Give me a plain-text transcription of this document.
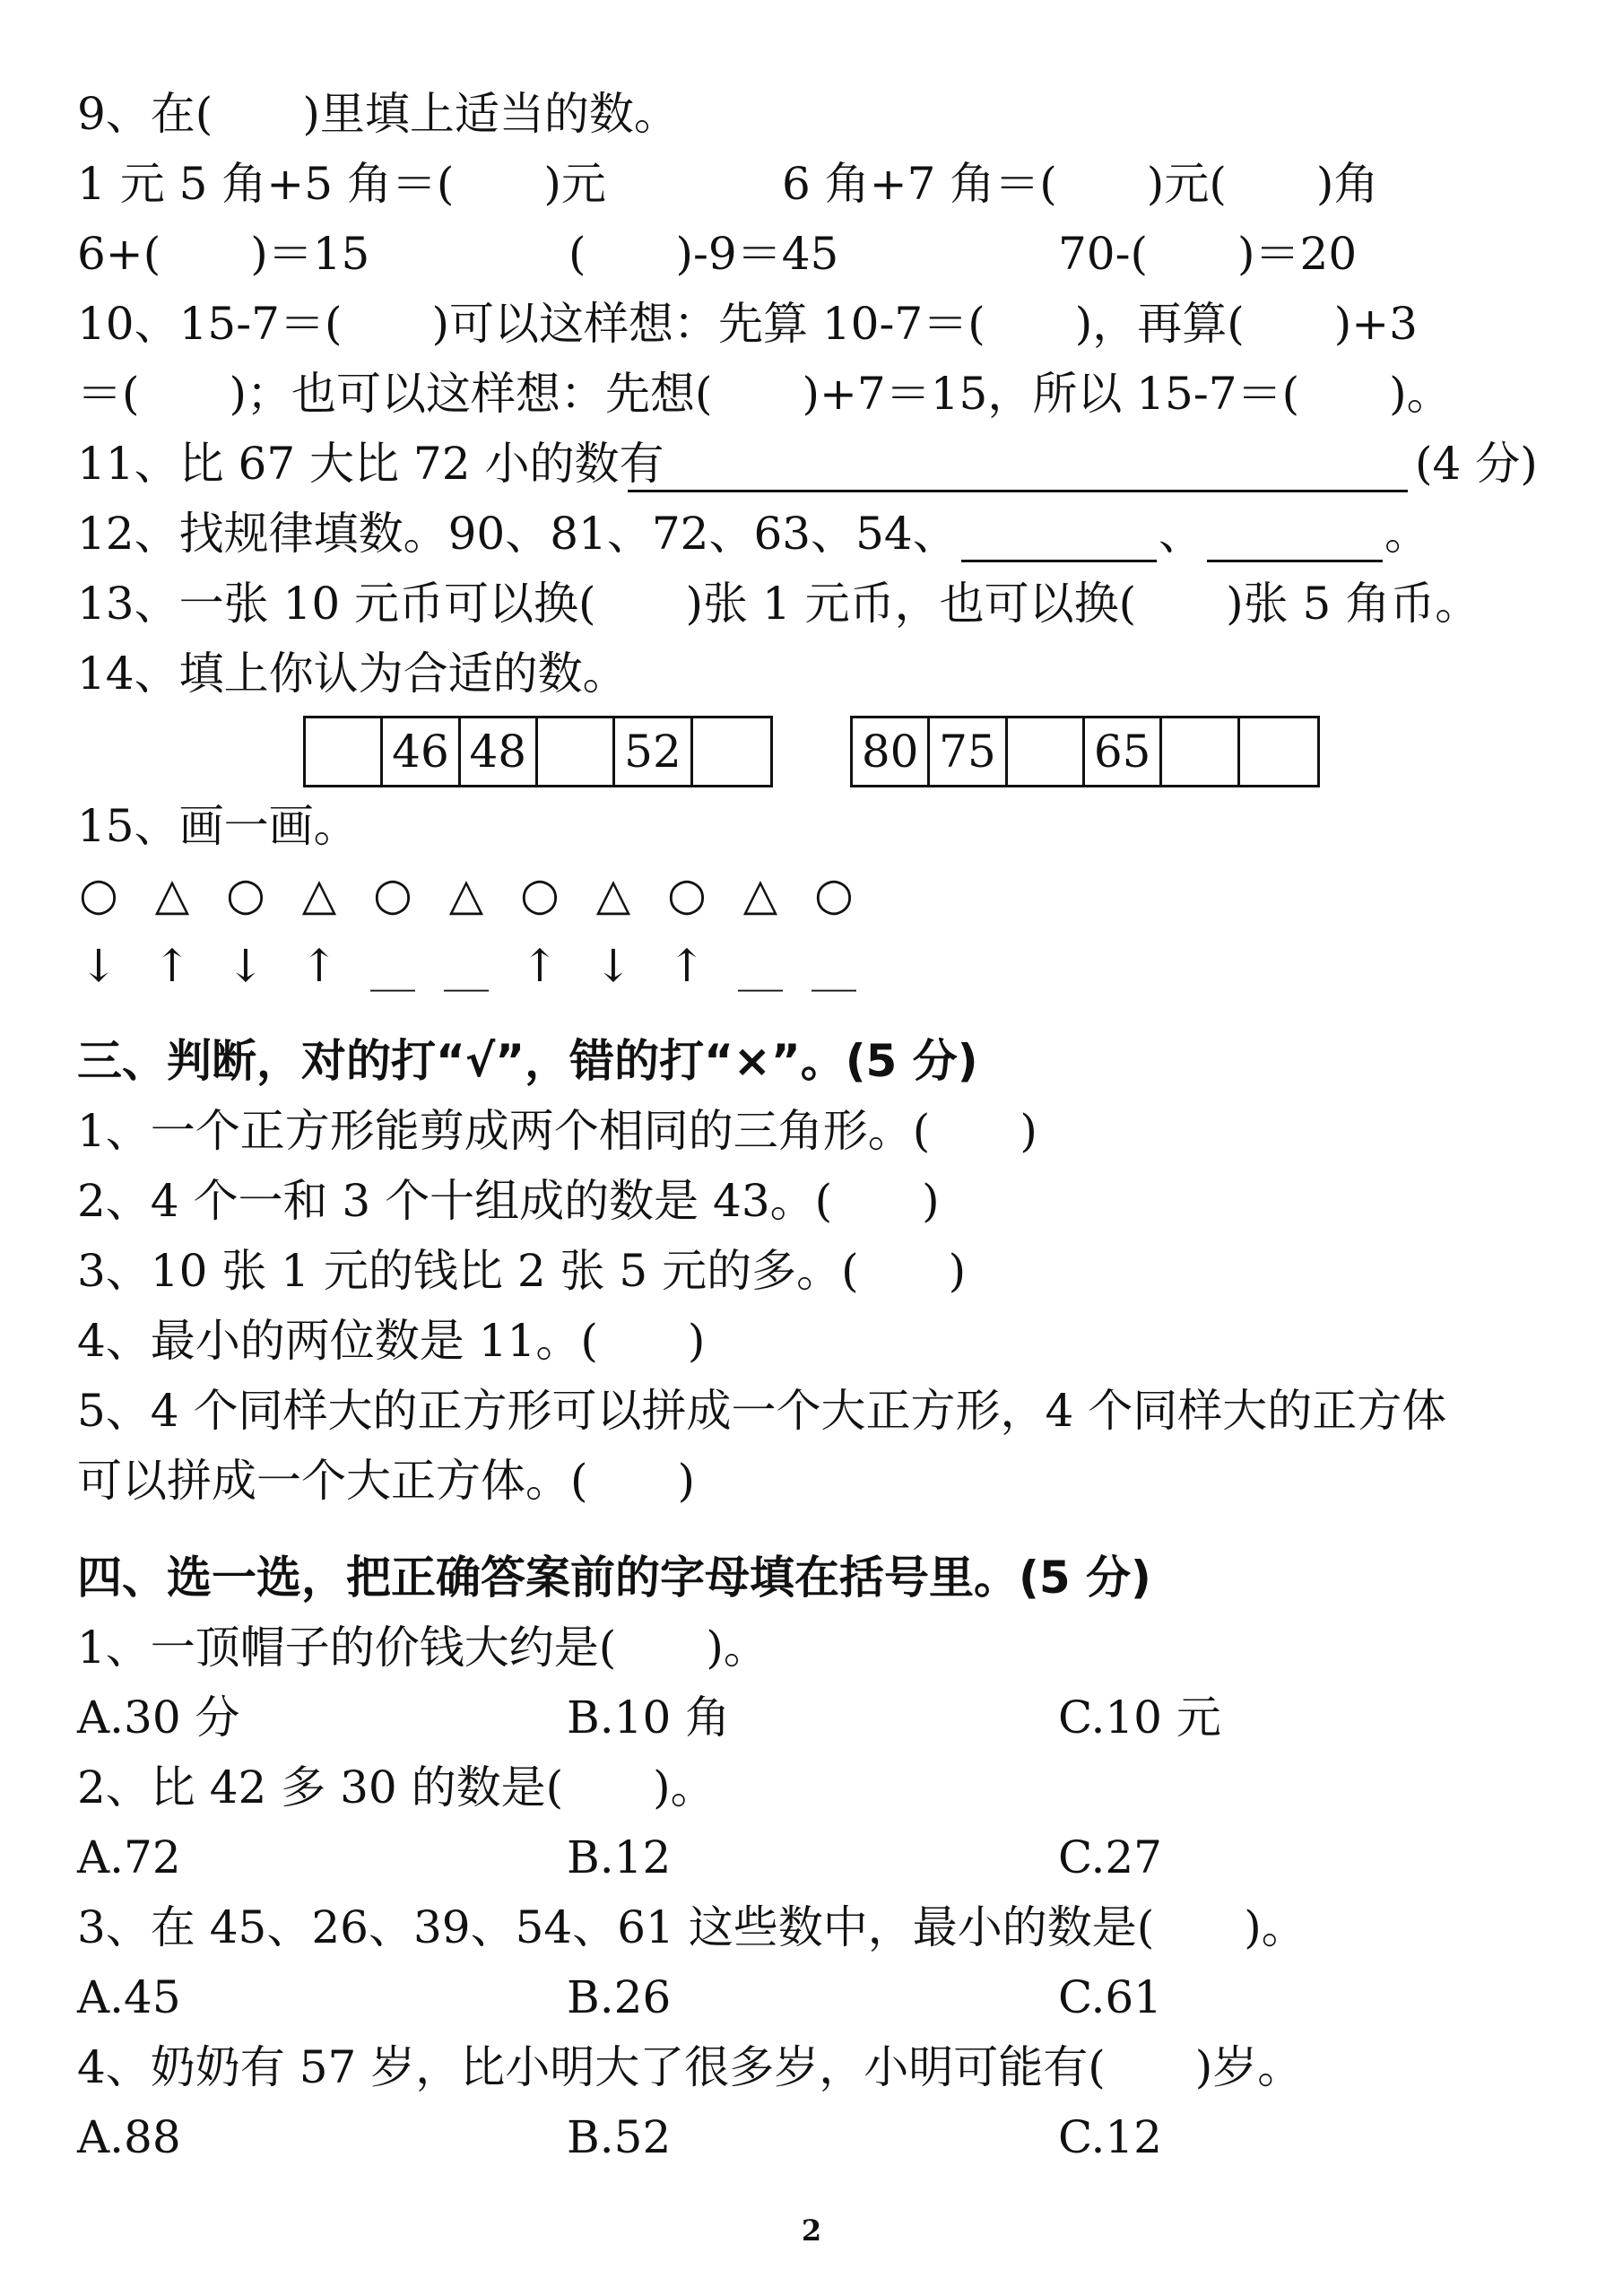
9、在(　　)里填上适当的数。
1 元 5 角+5 角＝(　　)元	6 角+7 角＝(　　)元(　　)角
6+(　　)＝15	(　　)-9＝45	70-(　　)＝20
10、15-7＝(　　)可以这样想：先算 10-7＝(　　)，再算(　　)+3
＝(　　)；也可以这样想：先想(　　)+7＝15，所以 15-7＝(　　)。
11、比 67 大比 72 小的数有	(4 分)
12、找规律填数。90、81、72、63、54、	、	。
13、一张 10 元币可以换(　　)张 1 元币，也可以换(　　)张 5 角币。
14、填上你认为合适的数。
46 48 52	80 75 65
15、画一画。
○ △ ○ △ ○ △ ○ △ ○ △ ○
↓ ↑ ↓ ↑ __ __ ↑ ↓ ↑ __ __
三、判断，对的打“√”，错的打“×”。(5 分)
1、一个正方形能剪成两个相同的三角形。(　　)
2、4 个一和 3 个十组成的数是 43。(　　)
3、10 张 1 元的钱比 2 张 5 元的多。(　　)
4、最小的两位数是 11。(　　)
5、4 个同样大的正方形可以拼成一个大正方形，4 个同样大的正方体
可以拼成一个大正方体。(　　)
四、选一选，把正确答案前的字母填在括号里。(5 分)
1、一顶帽子的价钱大约是(　　)。
A.30 分	B.10 角	C.10 元
2、比 42 多 30 的数是(　　)。
A.72	B.12	C.27
3、在 45、26、39、54、61 这些数中，最小的数是(　　)。
A.45	B.26	C.61
4、奶奶有 57 岁，比小明大了很多岁，小明可能有(　　)岁。
A.88	B.52	C.12
2
